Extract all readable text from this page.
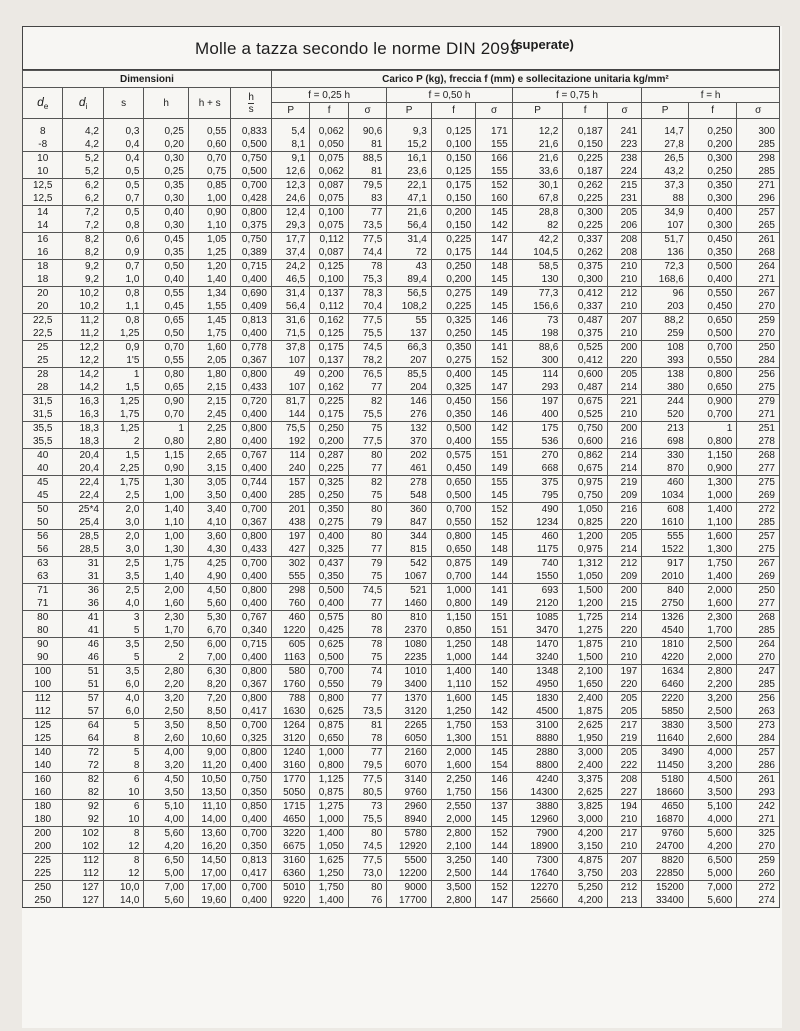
Molle a tazza secondo le norme DIN 2093
(superate)
Dimensioni						Carico P (kg), freccia f (mm) e sollecitazione unitaria kg/mm²											
$d_e$	$d_i$	s	h	h + s	$\frac{h}{s}$	f = 0,25 h			f = 0,50 h			f = 0,75 h			f = h		
						P	f	σ	P	f	σ	P	f	σ	P	f	σ
8	4,2	0,3	0,25	0,55	0,833	5,4	0,062	90,6	9,3	0,125	171	12,2	0,187	241	14,7	0,250	300
-8	4,2	0,4	0,20	0,60	0,500	8,1	0,050	81	15,2	0,100	155	21,6	0,150	223	27,8	0,200	285
10	5,2	0,4	0,30	0,70	0,750	9,1	0,075	88,5	16,1	0,150	166	21,6	0,225	238	26,5	0,300	298
10	5,2	0,5	0,25	0,75	0,500	12,6	0,062	81	23,6	0,125	155	33,6	0,187	224	43,2	0,250	285
12,5	6,2	0,5	0,35	0,85	0,700	12,3	0,087	79,5	22,1	0,175	152	30,1	0,262	215	37,3	0,350	271
12,5	6,2	0,7	0,30	1,00	0,428	24,6	0,075	83	47,1	0,150	160	67,8	0,225	231	88	0,300	296
14	7,2	0,5	0,40	0,90	0,800	12,4	0,100	77	21,6	0,200	145	28,8	0,300	205	34,9	0,400	257
14	7,2	0,8	0,30	1,10	0,375	29,3	0,075	73,5	56,4	0,150	142	82	0,225	206	107	0,300	265
16	8,2	0,6	0,45	1,05	0,750	17,7	0,112	77,5	31,4	0,225	147	42,2	0,337	208	51,7	0,450	261
16	8,2	0,9	0,35	1,25	0,389	37,4	0,087	74,4	72	0,175	144	104,5	0,262	208	136	0,350	268
18	9,2	0,7	0,50	1,20	0,715	24,2	0,125	78	43	0,250	148	58,5	0,375	210	72,3	0,500	264
18	9,2	1,0	0,40	1,40	0,400	46,5	0,100	75,3	89,4	0,200	145	130	0,300	210	168,6	0,400	271
20	10,2	0,8	0,55	1,34	0,690	31,4	0,137	78,3	56,5	0,275	149	77,3	0,412	212	96	0,550	267
20	10,2	1,1	0,45	1,55	0,409	56,4	0,112	70,4	108,2	0,225	145	156,6	0,337	210	203	0,450	270
22,5	11,2	0,8	0,65	1,45	0,813	31,6	0,162	77,5	55	0,325	146	73	0,487	207	88,2	0,650	259
22,5	11,2	1,25	0,50	1,75	0,400	71,5	0,125	75,5	137	0,250	145	198	0,375	210	259	0,500	270
25	12,2	0,9	0,70	1,60	0,778	37,8	0,175	74,5	66,3	0,350	141	88,6	0,525	200	108	0,700	250
25	12,2	1'5	0,55	2,05	0,367	107	0,137	78,2	207	0,275	152	300	0,412	220	393	0,550	284
28	14,2	1	0,80	1,80	0,800	49	0,200	76,5	85,5	0,400	145	114	0,600	205	138	0,800	256
28	14,2	1,5	0,65	2,15	0,433	107	0,162	77	204	0,325	147	293	0,487	214	380	0,650	275
31,5	16,3	1,25	0,90	2,15	0,720	81,7	0,225	82	146	0,450	156	197	0,675	221	244	0,900	279
31,5	16,3	1,75	0,70	2,45	0,400	144	0,175	75,5	276	0,350	146	400	0,525	210	520	0,700	271
35,5	18,3	1,25	1	2,25	0,800	75,5	0,250	75	132	0,500	142	175	0,750	200	213	1	251
35,5	18,3	2	0,80	2,80	0,400	192	0,200	77,5	370	0,400	155	536	0,600	216	698	0,800	278
40	20,4	1,5	1,15	2,65	0,767	114	0,287	80	202	0,575	151	270	0,862	214	330	1,150	268
40	20,4	2,25	0,90	3,15	0,400	240	0,225	77	461	0,450	149	668	0,675	214	870	0,900	277
45	22,4	1,75	1,30	3,05	0,744	157	0,325	82	278	0,650	155	375	0,975	219	460	1,300	275
45	22,4	2,5	1,00	3,50	0,400	285	0,250	75	548	0,500	145	795	0,750	209	1034	1,000	269
50	25*4	2,0	1,40	3,40	0,700	201	0,350	80	360	0,700	152	490	1,050	216	608	1,400	272
50	25,4	3,0	1,10	4,10	0,367	438	0,275	79	847	0,550	152	1234	0,825	220	1610	1,100	285
56	28,5	2,0	1,00	3,60	0,800	197	0,400	80	344	0,800	145	460	1,200	205	555	1,600	257
56	28,5	3,0	1,30	4,30	0,433	427	0,325	77	815	0,650	148	1175	0,975	214	1522	1,300	275
63	31	2,5	1,75	4,25	0,700	302	0,437	79	542	0,875	149	740	1,312	212	917	1,750	267
63	31	3,5	1,40	4,90	0,400	555	0,350	75	1067	0,700	144	1550	1,050	209	2010	1,400	269
71	36	2,5	2,00	4,50	0,800	298	0,500	74,5	521	1,000	141	693	1,500	200	840	2,000	250
71	36	4,0	1,60	5,60	0,400	760	0,400	77	1460	0,800	149	2120	1,200	215	2750	1,600	277
80	41	3	2,30	5,30	0,767	460	0,575	80	810	1,150	151	1085	1,725	214	1326	2,300	268
80	41	5	1,70	6,70	0,340	1220	0,425	78	2370	0,850	151	3470	1,275	220	4540	1,700	285
90	46	3,5	2,50	6,00	0,715	605	0,625	78	1080	1,250	148	1470	1,875	210	1810	2,500	264
90	46	5	2	7,00	0,400	1163	0,500	75	2235	1,000	144	3240	1,500	210	4220	2,000	270
100	51	3,5	2,80	6,30	0,800	580	0,700	74	1010	1,400	140	1348	2,100	197	1634	2,800	247
100	51	6,0	2,20	8,20	0,367	1760	0,550	79	3400	1,110	152	4950	1,650	220	6460	2,200	285
112	57	4,0	3,20	7,20	0,800	788	0,800	77	1370	1,600	145	1830	2,400	205	2220	3,200	256
112	57	6,0	2,50	8,50	0,417	1630	0,625	73,5	3120	1,250	142	4500	1,875	205	5850	2,500	263
125	64	5	3,50	8,50	0,700	1264	0,875	81	2265	1,750	153	3100	2,625	217	3830	3,500	273
125	64	8	2,60	10,60	0,325	3120	0,650	78	6050	1,300	151	8880	1,950	219	11640	2,600	284
140	72	5	4,00	9,00	0,800	1240	1,000	77	2160	2,000	145	2880	3,000	205	3490	4,000	257
140	72	8	3,20	11,20	0,400	3160	0,800	79,5	6070	1,600	154	8800	2,400	222	11450	3,200	286
160	82	6	4,50	10,50	0,750	1770	1,125	77,5	3140	2,250	146	4240	3,375	208	5180	4,500	261
160	82	10	3,50	13,50	0,350	5050	0,875	80,5	9760	1,750	156	14300	2,625	227	18660	3,500	293
180	92	6	5,10	11,10	0,850	1715	1,275	73	2960	2,550	137	3880	3,825	194	4650	5,100	242
180	92	10	4,00	14,00	0,400	4650	1,000	75,5	8940	2,000	145	12960	3,000	210	16870	4,000	271
200	102	8	5,60	13,60	0,700	3220	1,400	80	5780	2,800	152	7900	4,200	217	9760	5,600	325
200	102	12	4,20	16,20	0,350	6675	1,050	74,5	12920	2,100	144	18900	3,150	210	24700	4,200	270
225	112	8	6,50	14,50	0,813	3160	1,625	77,5	5500	3,250	140	7300	4,875	207	8820	6,500	259
225	112	12	5,00	17,00	0,417	6360	1,250	73,0	12200	2,500	144	17640	3,750	203	22850	5,000	260
250	127	10,0	7,00	17,00	0,700	5010	1,750	80	9000	3,500	152	12270	5,250	212	15200	7,000	272
250	127	14,0	5,60	19,60	0,400	9220	1,400	76	17700	2,800	147	25660	4,200	213	33400	5,600	274
